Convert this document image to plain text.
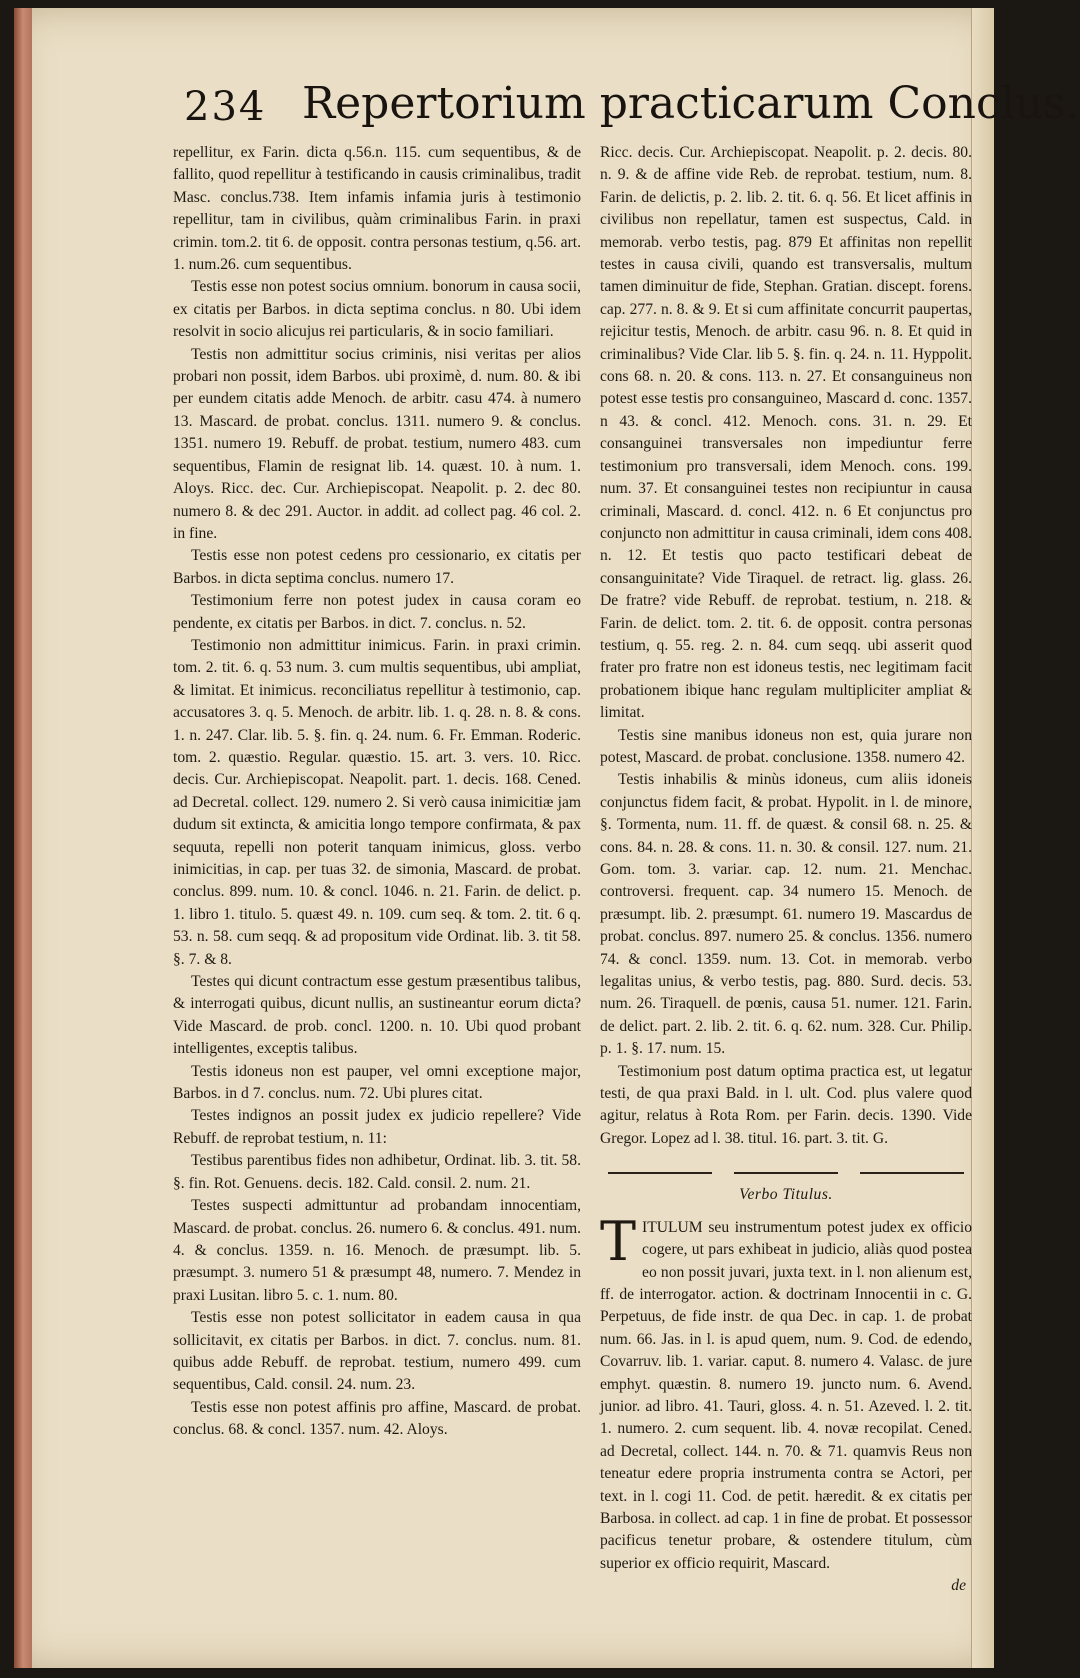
234 Repertorium practicarum Conclus.

repellitur, ex Farin. dicta q.56.n. 115. cum sequentibus, & de fallito, quod repellitur à testificando in causis criminalibus, tradit Masc. conclus.738. Item infamis infamia juris à testimonio repellitur, tam in civilibus, quàm criminalibus Farin. in praxi crimin. tom.2. tit 6. de opposit. contra personas testium, q.56. art. 1. num.26. cum sequentibus.

Testis esse non potest socius omnium. bonorum in causa socii, ex citatis per Barbos. in dicta septima conclus. n 80. Ubi idem resolvit in socio alicujus rei particularis, & in socio familiari.

Testis non admittitur socius criminis, nisi veritas per alios probari non possit, idem Barbos. ubi proximè, d. num. 80. & ibi per eundem citatis adde Menoch. de arbitr. casu 474. à numero 13. Mascard. de probat. conclus. 1311. numero 9. & conclus. 1351. numero 19. Rebuff. de probat. testium, numero 483. cum sequentibus, Flamin de resignat lib. 14. quæst. 10. à num. 1. Aloys. Ricc. dec. Cur. Archiepiscopat. Neapolit. p. 2. dec 80. numero 8. & dec 291. Auctor. in addit. ad collect pag. 46 col. 2. in fine.

Testis esse non potest cedens pro cessionario, ex citatis per Barbos. in dicta septima conclus. numero 17.

Testimonium ferre non potest judex in causa coram eo pendente, ex citatis per Barbos. in dict. 7. conclus. n. 52.

Testimonio non admittitur inimicus. Farin. in praxi crimin. tom. 2. tit. 6. q. 53 num. 3. cum multis sequentibus, ubi ampliat, & limitat. Et inimicus. reconciliatus repellitur à testimonio, cap. accusatores 3. q. 5. Menoch. de arbitr. lib. 1. q. 28. n. 8. & cons. 1. n. 247. Clar. lib. 5. §. fin. q. 24. num. 6. Fr. Emman. Roderic. tom. 2. quæstio. Regular. quæstio. 15. art. 3. vers. 10. Ricc. decis. Cur. Archiepiscopat. Neapolit. part. 1. decis. 168. Cened. ad Decretal. collect. 129. numero 2. Si verò causa inimicitiæ jam dudum sit extincta, & amicitia longo tempore confirmata, & pax sequuta, repelli non poterit tanquam inimicus, gloss. verbo inimicitias, in cap. per tuas 32. de simonia, Mascard. de probat. conclus. 899. num. 10. & concl. 1046. n. 21. Farin. de delict. p. 1. libro 1. titulo. 5. quæst 49. n. 109. cum seq. & tom. 2. tit. 6 q. 53. n. 58. cum seqq. & ad propositum vide Ordinat. lib. 3. tit 58. §. 7. & 8.

Testes qui dicunt contractum esse gestum præsentibus talibus, & interrogati quibus, dicunt nullis, an sustineantur eorum dicta? Vide Mascard. de prob. concl. 1200. n. 10. Ubi quod probant intelligentes, exceptis talibus.

Testis idoneus non est pauper, vel omni exceptione major, Barbos. in d 7. conclus. num. 72. Ubi plures citat.

Testes indignos an possit judex ex judicio repellere? Vide Rebuff. de reprobat testium, n. 11:

Testibus parentibus fides non adhibetur, Ordinat. lib. 3. tit. 58. §. fin. Rot. Genuens. decis. 182. Cald. consil. 2. num. 21.

Testes suspecti admittuntur ad probandam innocentiam, Mascard. de probat. conclus. 26. numero 6. & conclus. 491. num. 4. & conclus. 1359. n. 16. Menoch. de præsumpt. lib. 5. præsumpt. 3. numero 51 & præsumpt 48, numero. 7. Mendez in praxi Lusitan. libro 5. c. 1. num. 80.

Testis esse non potest sollicitator in eadem causa in qua sollicitavit, ex citatis per Barbos. in dict. 7. conclus. num. 81. quibus adde Rebuff. de reprobat. testium, numero 499. cum sequentibus, Cald. consil. 24. num. 23.

Testis esse non potest affinis pro affine, Mascard. de probat. conclus. 68. & concl. 1357. num. 42. Aloys.

Ricc. decis. Cur. Archiepiscopat. Neapolit. p. 2. decis. 80. n. 9. & de affine vide Reb. de reprobat. testium, num. 8. Farin. de delictis, p. 2. lib. 2. tit. 6. q. 56. Et licet affinis in civilibus non repellatur, tamen est suspectus, Cald. in memorab. verbo testis, pag. 879 Et affinitas non repellit testes in causa civili, quando est transversalis, multum tamen diminuitur de fide, Stephan. Gratian. discept. forens. cap. 277. n. 8. & 9. Et si cum affinitate concurrit paupertas, rejicitur testis, Menoch. de arbitr. casu 96. n. 8. Et quid in criminalibus? Vide Clar. lib 5. §. fin. q. 24. n. 11. Hyppolit. cons 68. n. 20. & cons. 113. n. 27. Et consanguineus non potest esse testis pro consanguineo, Mascard d. conc. 1357. n 43. & concl. 412. Menoch. cons. 31. n. 29. Et consanguinei transversales non impediuntur ferre testimonium pro transversali, idem Menoch. cons. 199. num. 37. Et consanguinei testes non recipiuntur in causa criminali, Mascard. d. concl. 412. n. 6 Et conjunctus pro conjuncto non admittitur in causa criminali, idem cons 408. n. 12. Et testis quo pacto testificari debeat de consanguinitate? Vide Tiraquel. de retract. lig. glass. 26. De fratre? vide Rebuff. de reprobat. testium, n. 218. & Farin. de delict. tom. 2. tit. 6. de opposit. contra personas testium, q. 55. reg. 2. n. 84. cum seqq. ubi asserit quod frater pro fratre non est idoneus testis, nec legitimam facit probationem ibique hanc regulam multipliciter ampliat & limitat.

Testis sine manibus idoneus non est, quia jurare non potest, Mascard. de probat. conclusione. 1358. numero 42.

Testis inhabilis & minùs idoneus, cum aliis idoneis conjunctus fidem facit, & probat. Hypolit. in l. de minore, §. Tormenta, num. 11. ff. de quæst. & consil 68. n. 25. & cons. 84. n. 28. & cons. 11. n. 30. & consil. 127. num. 21. Gom. tom. 3. variar. cap. 12. num. 21. Menchac. controversi. frequent. cap. 34 numero 15. Menoch. de præsumpt. lib. 2. præsumpt. 61. numero 19. Mascardus de probat. conclus. 897. numero 25. & conclus. 1356. numero 74. & concl. 1359. num. 13. Cot. in memorab. verbo legalitas unius, & verbo testis, pag. 880. Surd. decis. 53. num. 26. Tiraquell. de pœnis, causa 51. numer. 121. Farin. de delict. part. 2. lib. 2. tit. 6. q. 62. num. 328. Cur. Philip. p. 1. §. 17. num. 15.

Testimonium post datum optima practica est, ut legatur testi, de qua praxi Bald. in l. ult. Cod. plus valere quod agitur, relatus à Rota Rom. per Farin. decis. 1390. Vide Gregor. Lopez ad l. 38. titul. 16. part. 3. tit. G.

Verbo Titulus.

TITULUM seu instrumentum potest judex ex officio cogere, ut pars exhibeat in judicio, aliàs quod postea eo non possit juvari, juxta text. in l. non alienum est, ff. de interrogator. action. & doctrinam Innocentii in c. G. Perpetuus, de fide instr. de qua Dec. in cap. 1. de probat num. 66. Jas. in l. is apud quem, num. 9. Cod. de edendo, Covarruv. lib. 1. variar. caput. 8. numero 4. Valasc. de jure emphyt. quæstin. 8. numero 19. juncto num. 6. Avend. junior. ad libro. 41. Tauri, gloss. 4. n. 51. Azeved. l. 2. tit. 1. numero. 2. cum sequent. lib. 4. novæ recopilat. Cened. ad Decretal, collect. 144. n. 70. & 71. quamvis Reus non teneatur edere propria instrumenta contra se Actori, per text. in l. cogi 11. Cod. de petit. hæredit. & ex citatis per Barbosa. in collect. ad cap. 1 in fine de probat. Et possessor pacificus tenetur probare, & ostendere titulum, cùm superior ex officio requirit, Mascard.

de
